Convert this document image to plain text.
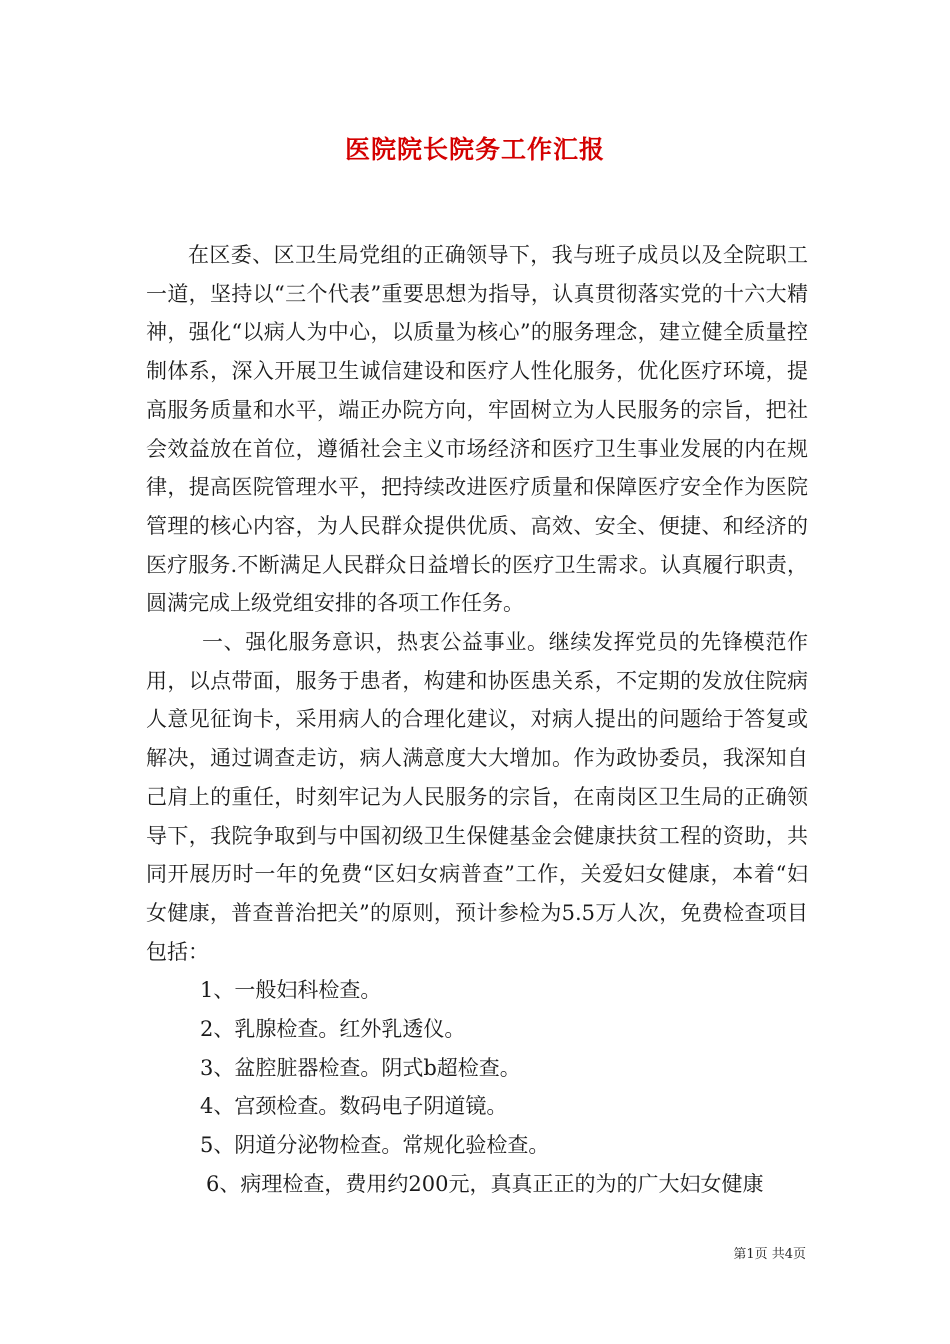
医院院长院务工作汇报

在区委、区卫生局党组的正确领导下，我与班子成员以及全院职工一道，坚持以“三个代表”重要思想为指导，认真贯彻落实党的十六大精神，强化“以病人为中心，以质量为核心”的服务理念，建立健全质量控制体系，深入开展卫生诚信建设和医疗人性化服务，优化医疗环境，提高服务质量和水平，端正办院方向，牢固树立为人民服务的宗旨，把社会效益放在首位，遵循社会主义市场经济和医疗卫生事业发展的内在规律，提高医院管理水平，把持续改进医疗质量和保障医疗安全作为医院管理的核心内容，为人民群众提供优质、高效、安全、便捷、和经济的医疗服务.不断满足人民群众日益增长的医疗卫生需求。认真履行职责，圆满完成上级党组安排的各项工作任务。

一、强化服务意识，热衷公益事业。继续发挥党员的先锋模范作用，以点带面，服务于患者，构建和协医患关系，不定期的发放住院病人意见征询卡，采用病人的合理化建议，对病人提出的问题给于答复或解决，通过调查走访，病人满意度大大增加。作为政协委员，我深知自己肩上的重任，时刻牢记为人民服务的宗旨，在南岗区卫生局的正确领导下，我院争取到与中国初级卫生保健基金会健康扶贫工程的资助，共同开展历时一年的免费“区妇女病普查”工作，关爱妇女健康，本着“妇女健康，普查普治把关”的原则，预计参检为5.5万人次，免费检查项目包括：

1、一般妇科检查。

2、乳腺检查。红外乳透仪。

3、盆腔脏器检查。阴式b超检查。

4、宫颈检查。数码电子阴道镜。

5、阴道分泌物检查。常规化验检查。

6、病理检查，费用约200元，真真正正的为的广大妇女健康

第1页 共4页
